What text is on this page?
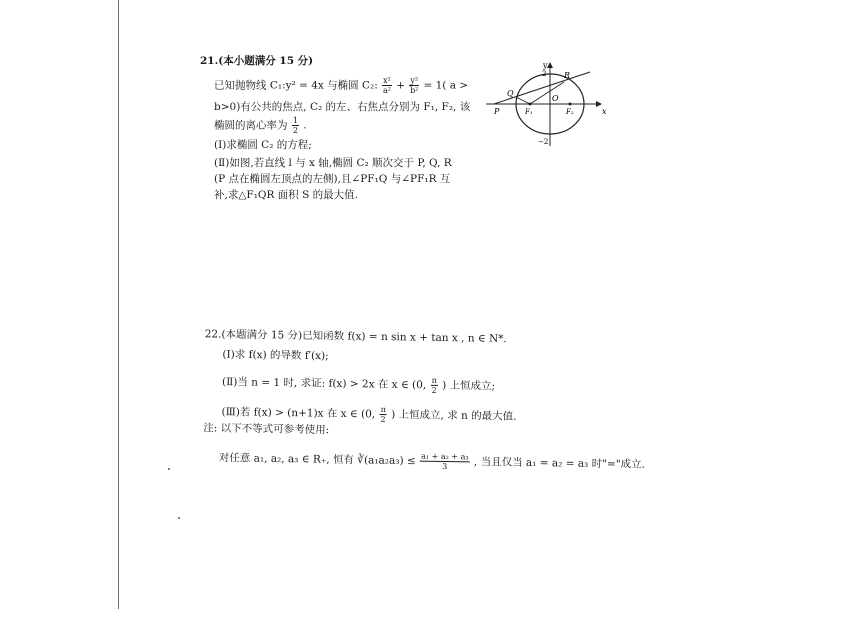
21.(本小题满分 15 分)
已知抛物线 C₁:y² = 4x 与椭圆 C₂: $\frac{\text{x²}}{\text{a²}} + \frac{\text{y²}}{\text{b²}} = 1$( a >
b>0)有公共的焦点, C₂ 的左、右焦点分别为 F₁, F₂, 该
椭圆的离心率为 $\frac{1}{2}$ .
(Ⅰ)求椭圆 C₂ 的方程;
(Ⅱ)如图,若直线 l 与 x 轴,椭圆 C₂ 顺次交于 P, Q, R
(P 点在椭圆左顶点的左侧),且∠PF₁Q 与∠PF₁R 互
补,求△F₁QR 面积 S 的最大值.
y
x
2
−2
R
Q
P
O
F₁	F₂
22.(本题满分 15 分)已知函数 f(x) = n sin x + tan x , n ∈ N*.
(Ⅰ)求 f(x) 的导数 f′(x);
(Ⅱ)当 n = 1 时, 求证: f(x) > 2x 在 x ∈ (0, $\frac{\pi}{2}$ ) 上恒成立;
(Ⅲ)若 f(x) > (n+1)x 在 x ∈ (0, $\frac{\pi}{2}$ ) 上恒成立, 求 n 的最大值.
注: 以下不等式可参考使用:
对任意 a₁, a₂, a₃ ∈ R₊, 恒有 ∛(a₁a₂a₃) ≤ $\frac{\text{a₁ + a₂ + a₃}}{3}$ , 当且仅当 a₁ = a₂ = a₃ 时"="成立.
